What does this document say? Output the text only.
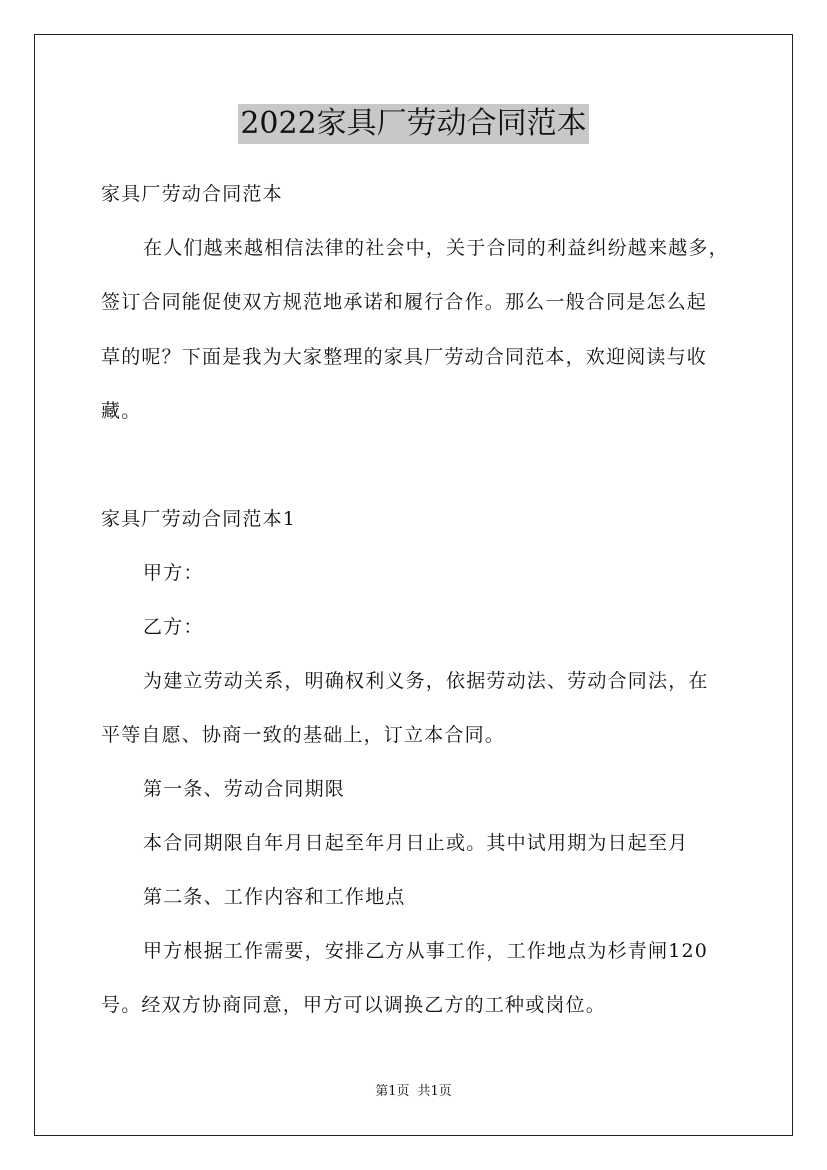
2022家具厂劳动合同范本
家具厂劳动合同范本
在人们越来越相信法律的社会中，关于合同的利益纠纷越来越多，
签订合同能促使双方规范地承诺和履行合作。那么一般合同是怎么起
草的呢？下面是我为大家整理的家具厂劳动合同范本，欢迎阅读与收
藏。
家具厂劳动合同范本1
甲方：
乙方：
为建立劳动关系，明确权利义务，依据劳动法、劳动合同法，在
平等自愿、协商一致的基础上，订立本合同。
第一条、劳动合同期限
本合同期限自年月日起至年月日止或。其中试用期为日起至月
第二条、工作内容和工作地点
甲方根据工作需要，安排乙方从事工作，工作地点为杉青闸120
号。经双方协商同意，甲方可以调换乙方的工种或岗位。
第1页 共1页
